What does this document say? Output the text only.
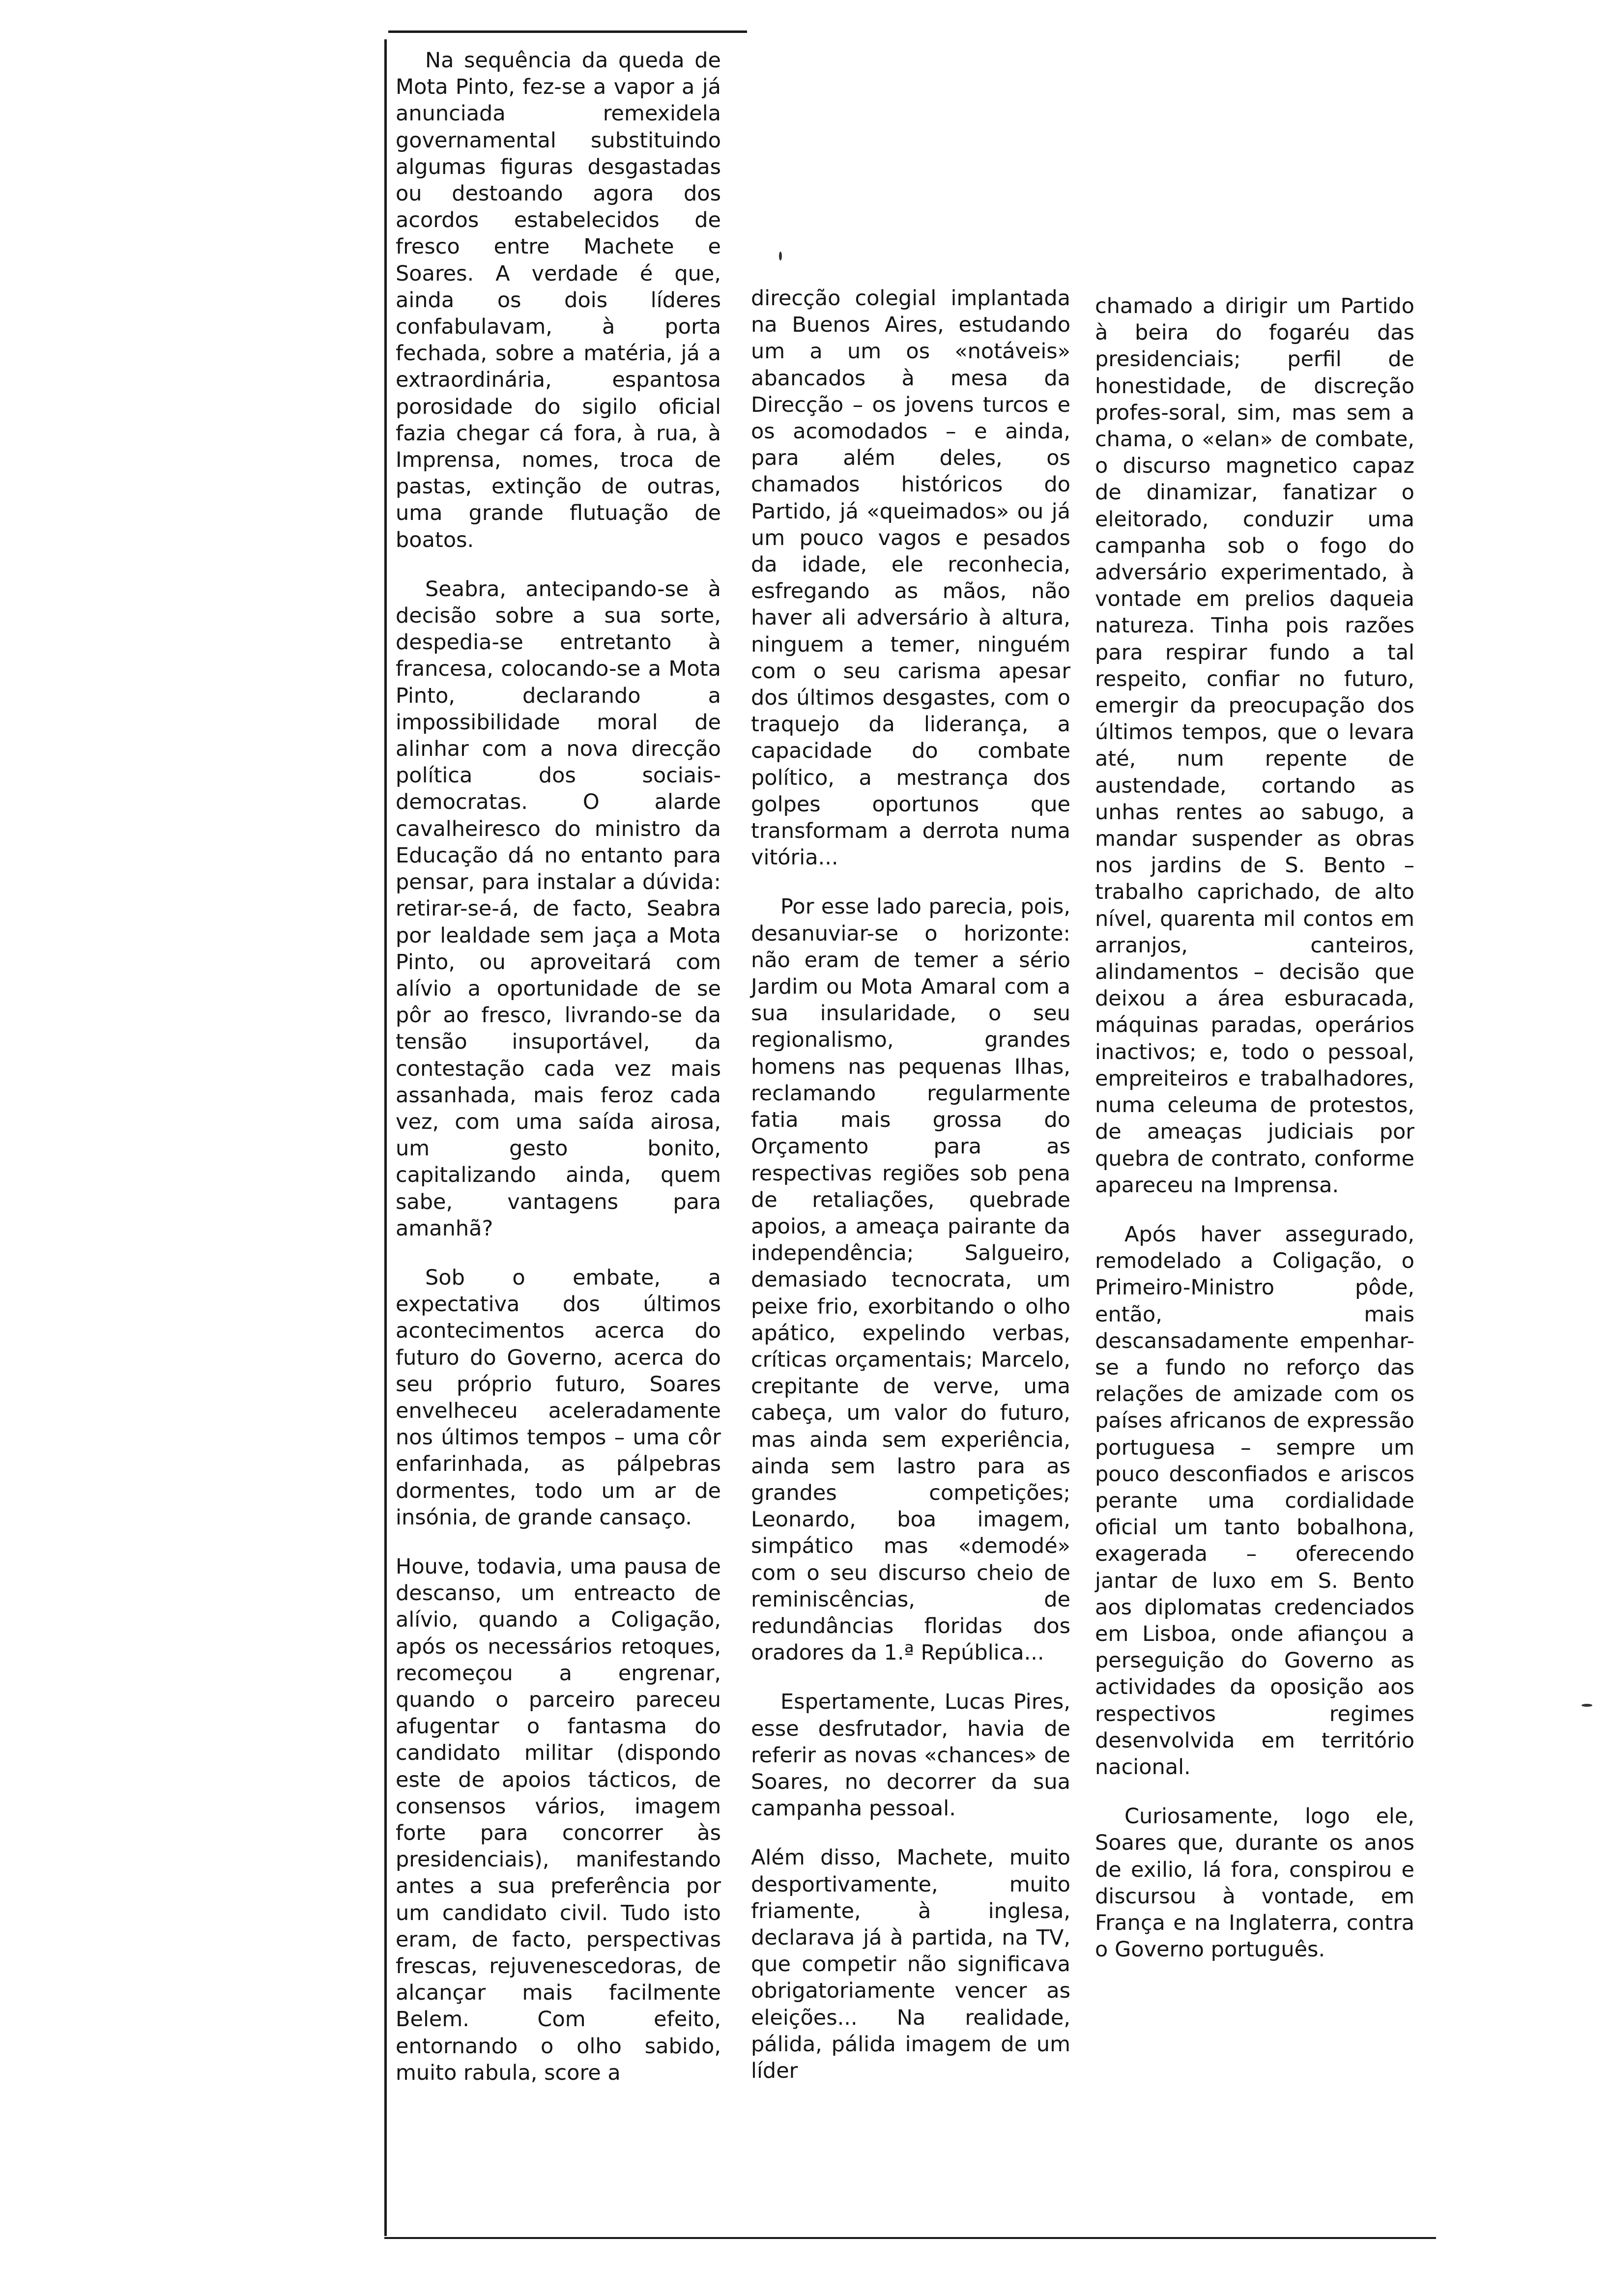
Na sequência da queda de Mota Pinto, fez-se a vapor a já anunciada remexidela governamental substituindo algumas figuras desgastadas ou destoando agora dos acordos estabelecidos de fresco entre Machete e Soares. A verdade é que, ainda os dois líderes confabulavam, à porta fechada, sobre a matéria, já a extraordinária, espantosa porosidade do sigilo oficial fazia chegar cá fora, à rua, à Imprensa, nomes, troca de pastas, extinção de outras, uma grande flutuação de boatos.

Seabra, antecipando-se à decisão sobre a sua sorte, despedia-se entretanto à francesa, colocando-se a Mota Pinto, declarando a impossibilidade moral de alinhar com a nova direcção política dos sociais-democratas. O alarde cavalheiresco do ministro da Educação dá no entanto para pensar, para instalar a dúvida: retirar-se-á, de facto, Seabra por lealdade sem jaça a Mota Pinto, ou aproveitará com alívio a oportunidade de se pôr ao fresco, livrando-se da tensão insuportável, da contestação cada vez mais assanhada, mais feroz cada vez, com uma saída airosa, um gesto bonito, capitalizando ainda, quem sabe, vantagens para amanhã?

Sob o embate, a expectativa dos últimos acontecimentos acerca do futuro do Governo, acerca do seu próprio futuro, Soares envelheceu aceleradamente nos últimos tempos – uma côr enfarinhada, as pálpebras dormentes, todo um ar de insónia, de grande cansaço.

Houve, todavia, uma pausa de descanso, um entreacto de alívio, quando a Coligação, após os necessários retoques, recomeçou a engrenar, quando o parceiro pareceu afugentar o fantasma do candidato militar (dispondo este de apoios tácticos, de consensos vários, imagem forte para concorrer às presidenciais), manifestando antes a sua preferência por um candidato civil. Tudo isto eram, de facto, perspectivas frescas, rejuvenescedoras, de alcançar mais facilmente Belem. Com efeito, entornando o olho sabido, muito rabula, score a

direcção colegial implantada na Buenos Aires, estudando um a um os «notáveis» abancados à mesa da Direcção – os jovens turcos e os acomodados – e ainda, para além deles, os chamados históricos do Partido, já «queimados» ou já um pouco vagos e pesados da idade, ele reconhecia, esfregando as mãos, não haver ali adversário à altura, ninguem a temer, ninguém com o seu carisma apesar dos últimos desgastes, com o traquejo da liderança, a capacidade do combate político, a mestrança dos golpes oportunos que transformam a derrota numa vitória...

Por esse lado parecia, pois, desanuviar-se o horizonte: não eram de temer a sério Jardim ou Mota Amaral com a sua insularidade, o seu regionalismo, grandes homens nas pequenas Ilhas, reclamando regularmente fatia mais grossa do Orçamento para as respectivas regiões sob pena de retaliações, quebrade apoios, a ameaça pairante da independência; Salgueiro, demasiado tecnocrata, um peixe frio, exorbitando o olho apático, expelindo verbas, críticas orçamentais; Marcelo, crepitante de verve, uma cabeça, um valor do futuro, mas ainda sem experiência, ainda sem lastro para as grandes competições; Leonardo, boa imagem, simpático mas «demodé» com o seu discurso cheio de reminiscências, de redundâncias floridas dos oradores da 1.ª República...

Espertamente, Lucas Pires, esse desfrutador, havia de referir as novas «chances» de Soares, no decorrer da sua campanha pessoal.

Além disso, Machete, muito desportivamente, muito friamente, à inglesa, declarava já à partida, na TV, que competir não significava obrigatoriamente vencer as eleições... Na realidade, pálida, pálida imagem de um líder

chamado a dirigir um Partido à beira do fogaréu das presidenciais; perfil de honestidade, de discreção profes-soral, sim, mas sem a chama, o «elan» de combate, o discurso magnetico capaz de dinamizar, fanatizar o eleitorado, conduzir uma campanha sob o fogo do adversário experimentado, à vontade em prelios daqueia natureza. Tinha pois razões para respirar fundo a tal respeito, confiar no futuro, emergir da preocupação dos últimos tempos, que o levara até, num repente de austendade, cortando as unhas rentes ao sabugo, a mandar suspender as obras nos jardins de S. Bento – trabalho caprichado, de alto nível, quarenta mil contos em arranjos, canteiros, alindamentos – decisão que deixou a área esburacada, máquinas paradas, operários inactivos; e, todo o pessoal, empreiteiros e trabalhadores, numa celeuma de protestos, de ameaças judiciais por quebra de contrato, conforme apareceu na Imprensa.

Após haver assegurado, remodelado a Coligação, o Primeiro-Ministro pôde, então, mais descansadamente empenhar-se a fundo no reforço das relações de amizade com os países africanos de expressão portuguesa – sempre um pouco desconfiados e ariscos perante uma cordialidade oficial um tanto bobalhona, exagerada – oferecendo jantar de luxo em S. Bento aos diplomatas credenciados em Lisboa, onde afiançou a perseguição do Governo as actividades da oposição aos respectivos regimes desenvolvida em território nacional.

Curiosamente, logo ele, Soares que, durante os anos de exilio, lá fora, conspirou e discursou à vontade, em França e na Inglaterra, contra o Governo português.
